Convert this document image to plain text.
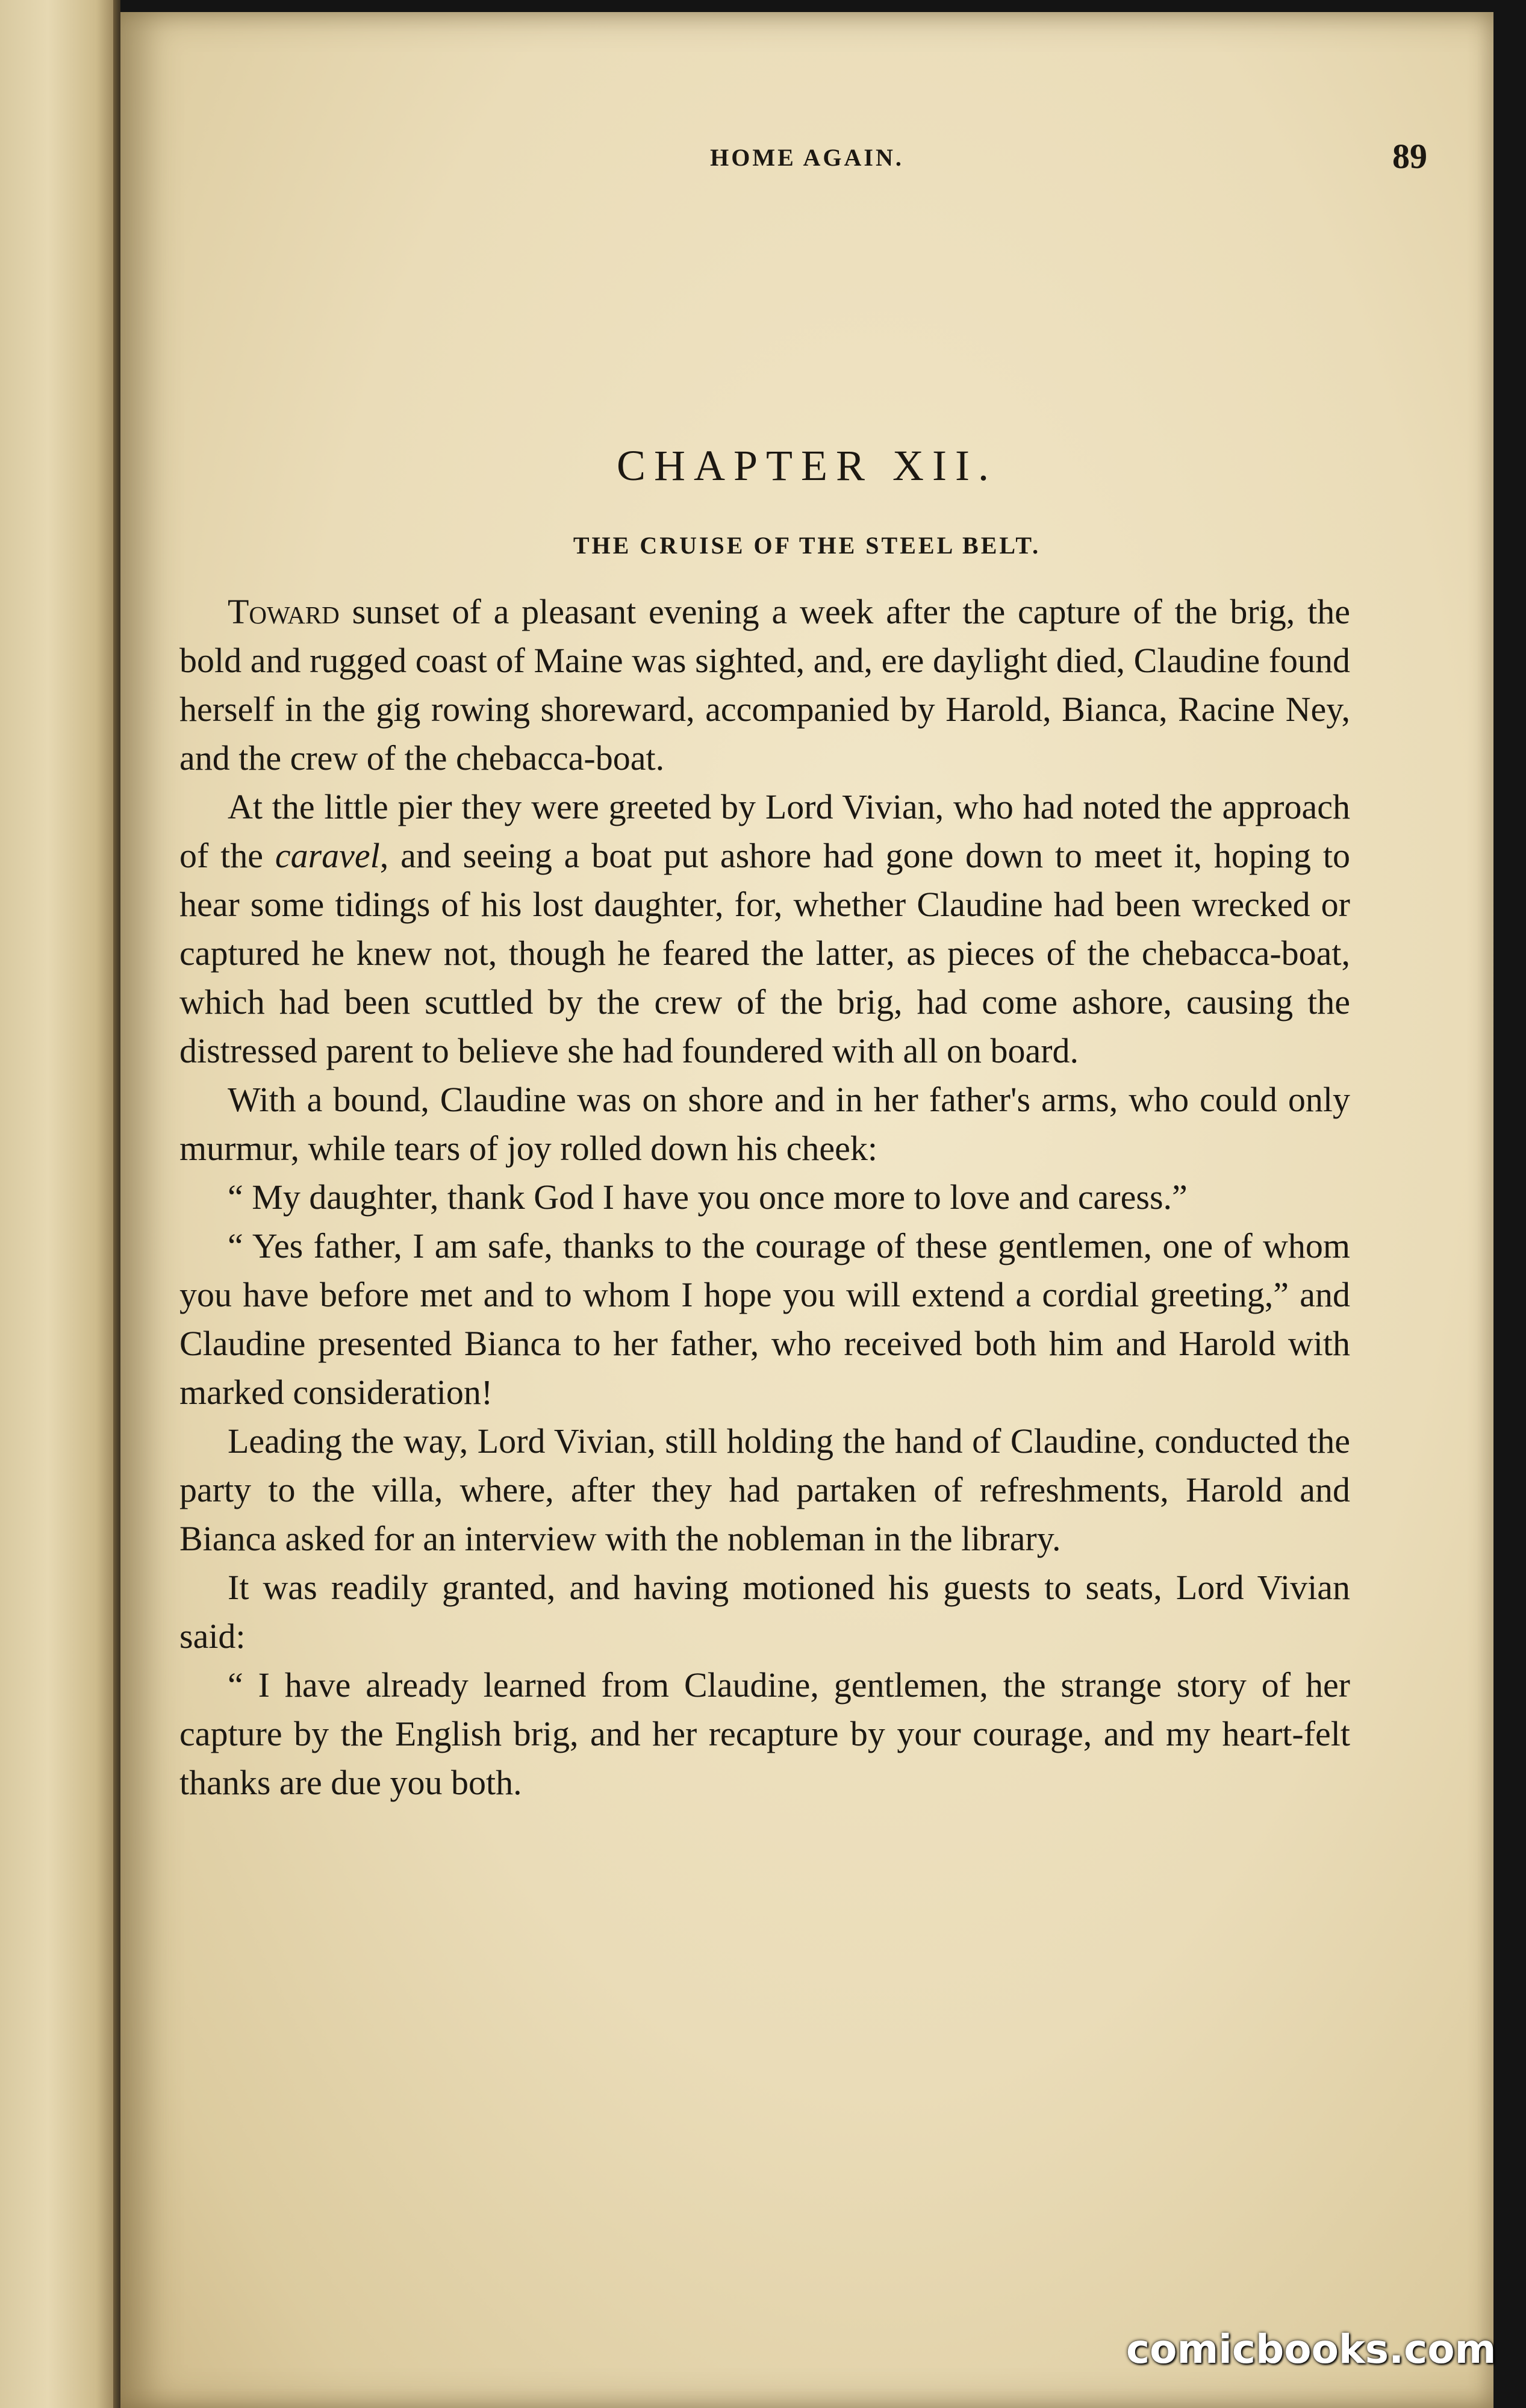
HOME AGAIN.	89
CHAPTER XII.
THE CRUISE OF THE STEEL BELT.

Toward sunset of a pleasant evening a week after the capture of the brig, the bold and rugged coast of Maine was sighted, and, ere daylight died, Claudine found herself in the gig rowing shoreward, accompanied by Harold, Bianca, Racine Ney, and the crew of the chebacca-boat.

At the little pier they were greeted by Lord Vivian, who had noted the approach of the caravel, and seeing a boat put ashore had gone down to meet it, hoping to hear some tidings of his lost daughter, for, whether Claudine had been wrecked or captured he knew not, though he feared the latter, as pieces of the chebacca-boat, which had been scuttled by the crew of the brig, had come ashore, causing the distressed parent to believe she had foundered with all on board.

With a bound, Claudine was on shore and in her father's arms, who could only murmur, while tears of joy rolled down his cheek:

“ My daughter, thank God I have you once more to love and caress.”

“ Yes father, I am safe, thanks to the courage of these gentlemen, one of whom you have before met and to whom I hope you will extend a cordial greeting,” and Claudine presented Bianca to her father, who received both him and Harold with marked consideration!

Leading the way, Lord Vivian, still holding the hand of Claudine, conducted the party to the villa, where, after they had partaken of refreshments, Harold and Bianca asked for an interview with the nobleman in the library.

It was readily granted, and having motioned his guests to seats, Lord Vivian said:

“ I have already learned from Claudine, gentlemen, the strange story of her capture by the English brig, and her recapture by your courage, and my heart-felt thanks are due you both.

comicbooks.com
